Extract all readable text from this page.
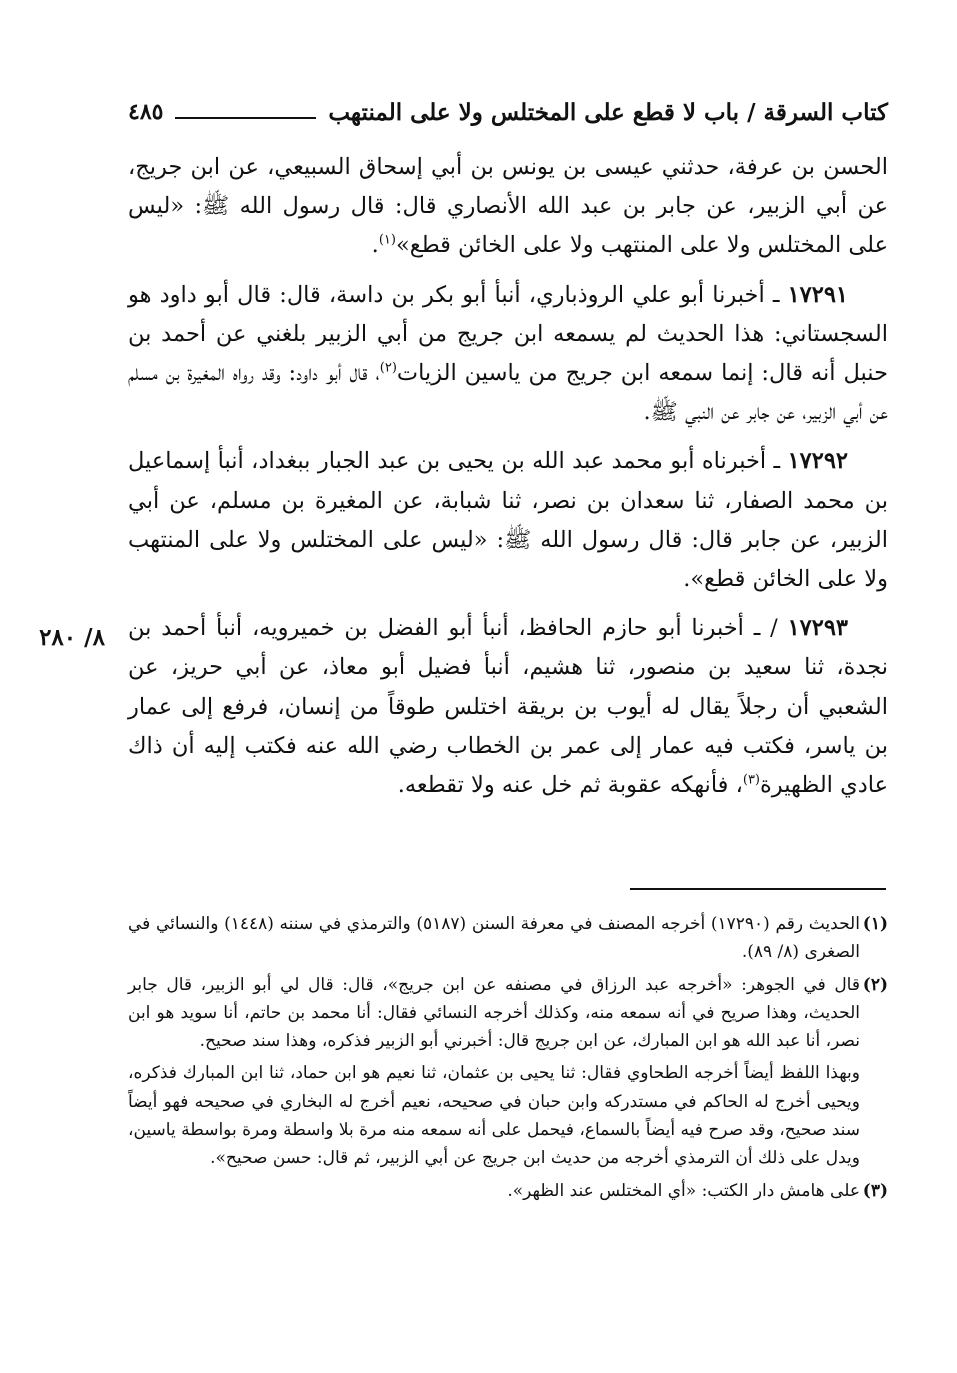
كتاب السرقة / باب لا قطع على المختلس ولا على المنتهب
٤٨٥
٨/ ٢٨٠

الحسن بن عرفة، حدثني عيسى بن يونس بن أبي إسحاق السبيعي، عن ابن جريج، عن أبي الزبير، عن جابر بن عبد الله الأنصاري قال: قال رسول الله ﷺ: «ليس على المختلس ولا على المنتهب ولا على الخائن قطع»$^{(١)}$.

١٧٢٩١ ـ أخبرنا أبو علي الروذباري، أنبأ أبو بكر بن داسة، قال: قال أبو داود هو السجستاني: هذا الحديث لم يسمعه ابن جريج من أبي الزبير بلغني عن أحمد بن حنبل أنه قال: إنما سمعه ابن جريج من ياسين الزيات$^{(٢)}$، قال أبو داود: وقد رواه المغيرة بن مسلم عن أبي الزبير، عن جابر عن النبي ﷺ.

١٧٢٩٢ ـ أخبرناه أبو محمد عبد الله بن يحيى بن عبد الجبار ببغداد، أنبأ إسماعيل بن محمد الصفار، ثنا سعدان بن نصر، ثنا شبابة، عن المغيرة بن مسلم، عن أبي الزبير، عن جابر قال: قال رسول الله ﷺ: «ليس على المختلس ولا على المنتهب ولا على الخائن قطع».

١٧٢٩٣ / ـ أخبرنا أبو حازم الحافظ، أنبأ أبو الفضل بن خميرويه، أنبأ أحمد بن نجدة، ثنا سعيد بن منصور، ثنا هشيم، أنبأ فضيل أبو معاذ، عن أبي حريز، عن الشعبي أن رجلاً يقال له أيوب بن بريقة اختلس طوقاً من إنسان، فرفع إلى عمار بن ياسر، فكتب فيه عمار إلى عمر بن الخطاب رضي الله عنه فكتب إليه أن ذاك عادي الظهيرة$^{(٣)}$، فأنهكه عقوبة ثم خل عنه ولا تقطعه.

(١)
الحديث رقم (١٧٢٩٠) أخرجه المصنف في معرفة السنن (٥١٨٧) والترمذي في سننه (١٤٤٨) والنسائي في الصغرى (٨/ ٨٩).
(٢)
قال في الجوهر: «أخرجه عبد الرزاق في مصنفه عن ابن جريج»، قال: قال لي أبو الزبير، قال جابر الحديث، وهذا صريح في أنه سمعه منه، وكذلك أخرجه النسائي فقال: أنا محمد بن حاتم، أنا سويد هو ابن نصر، أنا عبد الله هو ابن المبارك، عن ابن جريج قال: أخبرني أبو الزبير فذكره، وهذا سند صحيح.
وبهذا اللفظ أيضاً أخرجه الطحاوي فقال: ثنا يحيى بن عثمان، ثنا نعيم هو ابن حماد، ثنا ابن المبارك فذكره، ويحيى أخرج له الحاكم في مستدركه وابن حبان في صحيحه، نعيم أخرج له البخاري في صحيحه فهو أيضاً سند صحيح، وقد صرح فيه أيضاً بالسماع، فيحمل على أنه سمعه منه مرة بلا واسطة ومرة بواسطة ياسين، ويدل على ذلك أن الترمذي أخرجه من حديث ابن جريج عن أبي الزبير، ثم قال: حسن صحيح».
(٣)
على هامش دار الكتب: «أي المختلس عند الظهر».
